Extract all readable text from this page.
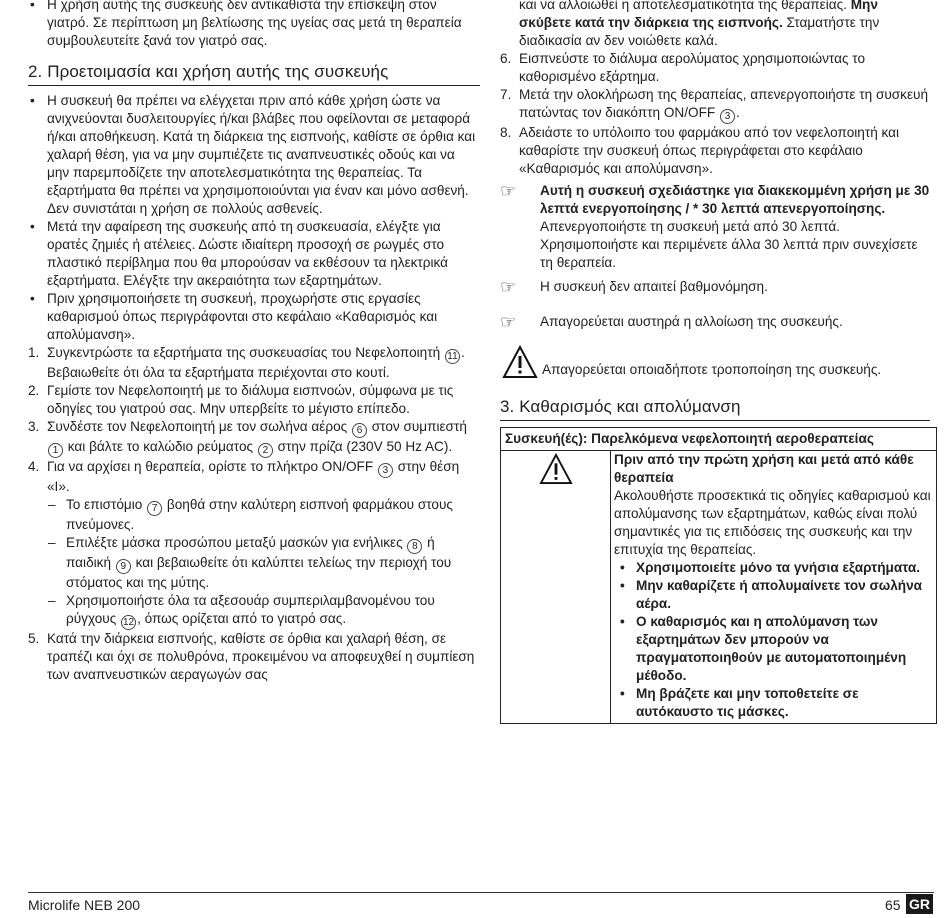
• Η χρήση αυτής της συσκευής δεν αντικαθιστά την επίσκεψη στον γιατρό. Σε περίπτωση μη βελτίωσης της υγείας σας μετά τη θεραπεία συμβουλευτείτε ξανά τον γιατρό σας.
2. Προετοιμασία και χρήση αυτής της συσκευής
• Η συσκευή θα πρέπει να ελέγχεται πριν από κάθε χρήση ώστε να ανιχνεύονται δυσλειτουργίες ή/και βλάβες που οφείλονται σε μεταφορά ή/και αποθήκευση. Κατά τη διάρκεια της εισπνοής, καθίστε σε όρθια και χαλαρή θέση, για να μην συμπιέζετε τις αναπνευστικές οδούς και να μην παρεμποδίζετε την αποτελεσματικότητα της θεραπείας. Τα εξαρτήματα θα πρέπει να χρησιμοποιούνται για έναν και μόνο ασθενή. Δεν συνιστάται η χρήση σε πολλούς ασθενείς.
• Μετά την αφαίρεση της συσκευής από τη συσκευασία, ελέγξτε για ορατές ζημιές ή ατέλειες. Δώστε ιδιαίτερη προσοχή σε ρωγμές στο πλαστικό περίβλημα που θα μπορούσαν να εκθέσουν τα ηλεκτρικά εξαρτήματα. Ελέγξτε την ακεραιότητα των εξαρτημάτων.
• Πριν χρησιμοποιήσετε τη συσκευή, προχωρήστε στις εργασίες καθαρισμού όπως περιγράφονται στο κεφάλαιο «Καθαρισμός και απολύμανση».
1. Συγκεντρώστε τα εξαρτήματα της συσκευασίας του Νεφελοποιητή 11 . Βεβαιωθείτε ότι όλα τα εξαρτήματα περιέχονται στο κουτί.
2. Γεμίστε τον Νεφελοποιητή με το διάλυμα εισπνοών, σύμφωνα με τις οδηγίες του γιατρού σας. Μην υπερβείτε το μέγιστο επίπεδο.
3. Συνδέστε τον Νεφελοποιητή με τον σωλήνα αέρος 6 στον συμπιεστή 1 και βάλτε το καλώδιο ρεύματος 2 στην πρίζα (230V 50 Hz AC).
4. Για να αρχίσει η θεραπεία, ορίστε το πλήκτρο ON/OFF 3 στην θέση «I».
– Το επιστόμιο 7 βοηθά στην καλύτερη εισπνοή φαρμάκου στους πνεύμονες.
– Επιλέξτε μάσκα προσώπου μεταξύ μασκών για ενήλικες 8 ή παιδική 9 και βεβαιωθείτε ότι καλύπτει τελείως την περιοχή του στόματος και της μύτης.
– Χρησιμοποιήστε όλα τα αξεσουάρ συμπεριλαμβανομένου του ρύγχους 12 , όπως ορίζεται από το γιατρό σας.
5. Κατά την διάρκεια εισπνοής, καθίστε σε όρθια και χαλαρή θέση, σε τραπέζι και όχι σε πολυθρόνα, προκειμένου να αποφευχθεί η συμπίεση των αναπνευστικών αεραγωγών σας
και να αλλοιωθεί η αποτελεσματικότητα της θεραπείας. Μην σκύβετε κατά την διάρκεια της εισπνοής. Σταματήστε την διαδικασία αν δεν νοιώθετε καλά.
6. Εισπνεύστε το διάλυμα αερολύματος χρησιμοποιώντας το καθορισμένο εξάρτημα.
7. Μετά την ολοκλήρωση της θεραπείας, απενεργοποιήστε τη συσκευή πατώντας τον διακόπτη ON/OFF 3 .
8. Αδειάστε το υπόλοιπο του φαρμάκου από τον νεφελοποιητή και καθαρίστε την συσκευή όπως περιγράφεται στο κεφάλαιο «Καθαρισμός και απολύμανση».
☞ Αυτή η συσκευή σχεδιάστηκε για διακεκομμένη χρήση με 30 λεπτά ενεργοποίησης / * 30 λεπτά απενεργοποίησης. Απενεργοποιήστε τη συσκευή μετά από 30 λεπτά. Χρησιμοποιήστε και περιμένετε άλλα 30 λεπτά πριν συνεχίσετε τη θεραπεία.
☞ Η συσκευή δεν απαιτεί βαθμονόμηση.
☞ Απαγορεύεται αυστηρά η αλλοίωση της συσκευής.
Απαγορεύεται οποιαδήποτε τροποποίηση της συσκευής.
3. Καθαρισμός και απολύμανση
Συσκευή(ές): Παρελκόμενα νεφελοποιητή αεροθεραπείας

Πριν από την πρώτη χρήση και μετά από κάθε θεραπεία
Ακολουθήστε προσεκτικά τις οδηγίες καθαρισμού και απολύμανσης των εξαρτημάτων, καθώς είναι πολύ σημαντικές για τις επιδόσεις της συσκευής και την επιτυχία της θεραπείας.
• Χρησιμοποιείτε μόνο τα γνήσια εξαρτήματα.
• Μην καθαρίζετε ή απολυμαίνετε τον σωλήνα αέρα.
• Ο καθαρισμός και η απολύμανση των εξαρτημάτων δεν μπορούν να πραγματοποιηθούν με αυτοματοποιημένη μέθοδο.
• Μη βράζετε και μην τοποθετείτε σε αυτόκαυστο τις μάσκες.
Microlife NEB 200	65 GR
